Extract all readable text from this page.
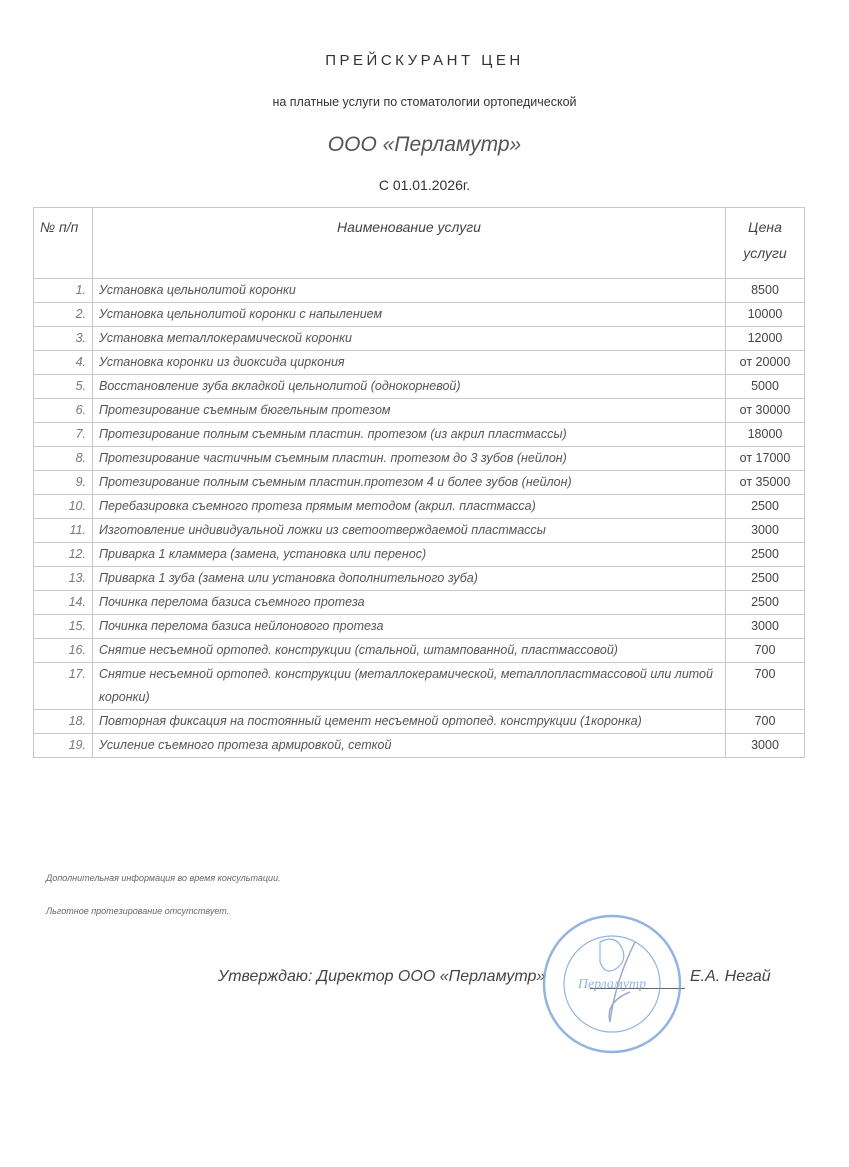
ПРЕЙСКУРАНТ ЦЕН
на платные услуги по стоматологии ортопедической
ООО «Перламутр»
С 01.01.2026г.
№ п/п	Наименование услуги	Цена услуги
1.	Установка цельнолитой коронки	8500
2.	Установка цельнолитой коронки с напылением	10000
3.	Установка металлокерамической коронки	12000
4.	Установка коронки из диоксида циркония	от 20000
5.	Восстановление зуба вкладкой цельнолитой (однокорневой)	5000
6.	Протезирование съемным бюгельным протезом	от 30000
7.	Протезирование полным съемным пластин. протезом (из акрил пластмассы)	18000
8.	Протезирование частичным съемным пластин. протезом до 3 зубов (нейлон)	от 17000
9.	Протезирование полным съемным пластин.протезом 4 и более зубов (нейлон)	от 35000
10.	Перебазировка съемного протеза прямым методом (акрил. пластмасса)	2500
11.	Изготовление индивидуальной ложки из светоотверждаемой пластмассы	3000
12.	Приварка 1 кламмера (замена, установка или перенос)	2500
13.	Приварка 1 зуба (замена или установка дополнительного зуба)	2500
14.	Починка перелома базиса съемного протеза	2500
15.	Починка перелома базиса нейлонового протеза	3000
16.	Снятие несъемной ортопед. конструкции (стальной, штампованной, пластмассовой)	700
17.	Снятие несъемной ортопед. конструкции (металлокерамической, металлопластмассовой или литой коронки)	700
18.	Повторная фиксация на постоянный цемент несъемной ортопед. конструкции (1коронка)	700
19.	Усиление съемного протеза армировкой, сеткой	3000
Дополнительная информация во время консультации.
Льготное протезирование отсутствует.
Утверждаю: Директор ООО «Перламутр»	Е.А. Негай
Перламутр
